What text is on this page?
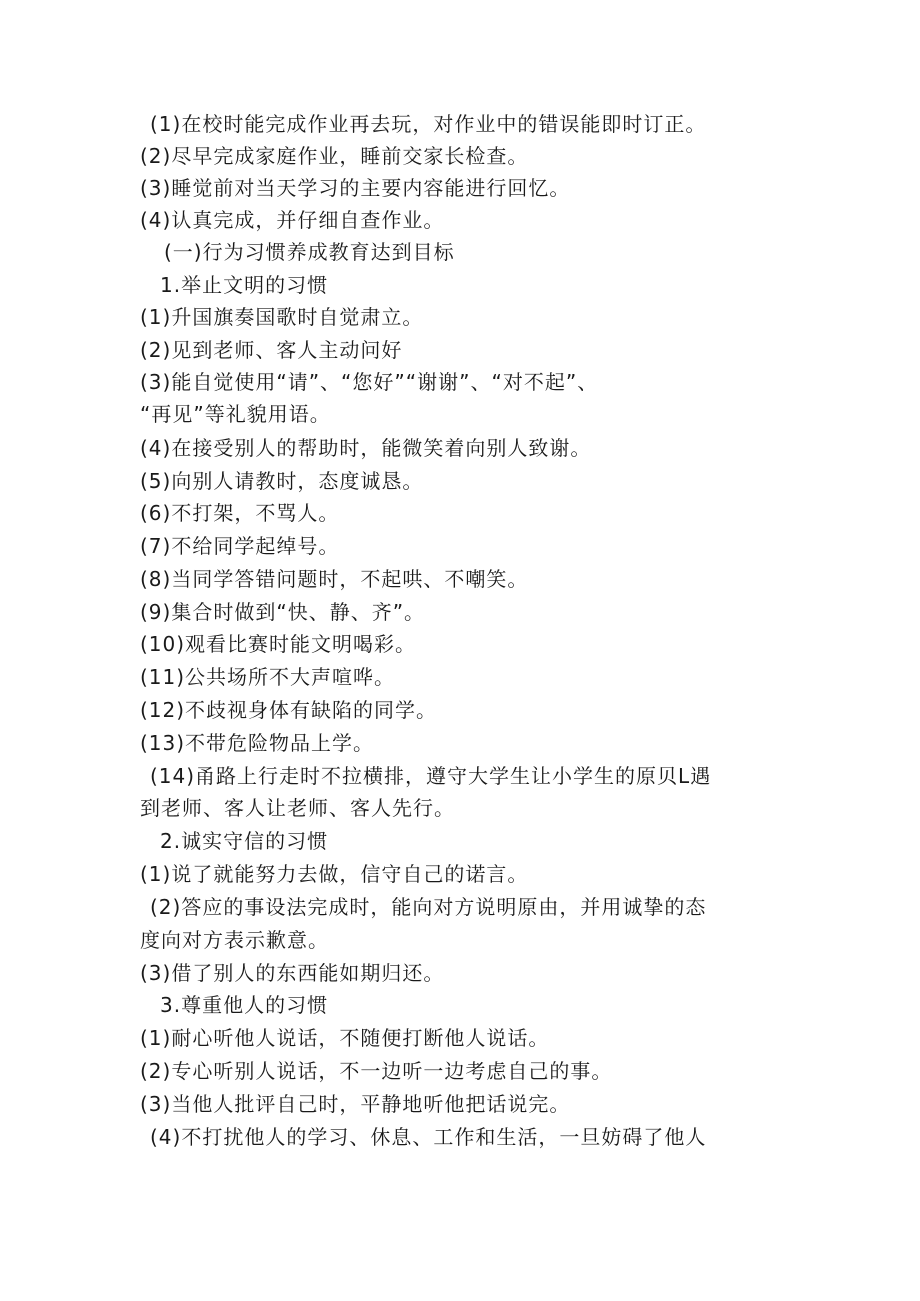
(1)在校时能完成作业再去玩，对作业中的错误能即时订正。
(2)尽早完成家庭作业，睡前交家长检查。
(3)睡觉前对当天学习的主要内容能进行回忆。
(4)认真完成，并仔细自查作业。
(一)行为习惯养成教育达到目标
1.举止文明的习惯
(1)升国旗奏国歌时自觉肃立。
(2)见到老师、客人主动问好
(3)能自觉使用“请”、“您好”“谢谢”、“对不起”、
“再见”等礼貌用语。
(4)在接受别人的帮助时，能微笑着向别人致谢。
(5)向别人请教时，态度诚恳。
(6)不打架，不骂人。
(7)不给同学起绰号。
(8)当同学答错问题时，不起哄、不嘲笑。
(9)集合时做到“快、静、齐”。
(10)观看比赛时能文明喝彩。
(11)公共场所不大声喧哗。
(12)不歧视身体有缺陷的同学。
(13)不带危险物品上学。
(14)甬路上行走时不拉横排，遵守大学生让小学生的原贝L遇
到老师、客人让老师、客人先行。
2.诚实守信的习惯
(1)说了就能努力去做，信守自己的诺言。
(2)答应的事设法完成时，能向对方说明原由，并用诚挚的态
度向对方表示歉意。
(3)借了别人的东西能如期归还。
3.尊重他人的习惯
(1)耐心听他人说话，不随便打断他人说话。
(2)专心听别人说话，不一边听一边考虑自己的事。
(3)当他人批评自己时，平静地听他把话说完。
(4)不打扰他人的学习、休息、工作和生活，一旦妨碍了他人
